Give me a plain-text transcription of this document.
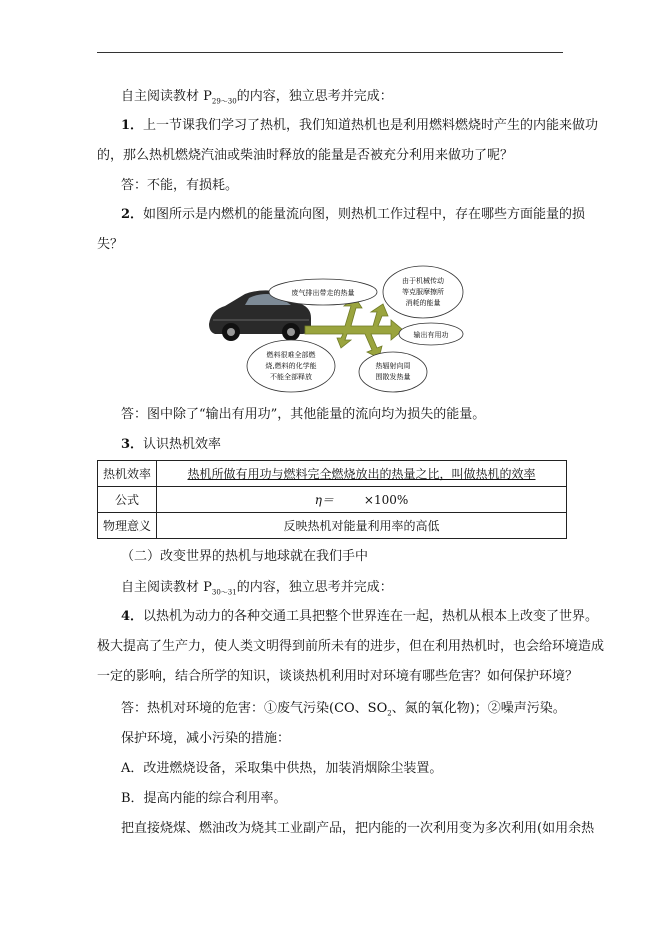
自主阅读教材 $P_{29\sim 30}$的内容，独立思考并完成：
1．上一节课我们学习了热机，我们知道热机也是利用燃料燃烧时产生的内能来做功
的，那么热机燃烧汽油或柴油时释放的能量是否被充分利用来做功了呢？
答：不能，有损耗。
2．如图所示是内燃机的能量流向图，则热机工作过程中，存在哪些方面能量的损
失？
废气排出带走的热量
由于机械传动
等克服摩擦所
消耗的能量
输出有用功
燃料很难全部燃
烧,燃料的化学能
不能全部释放
热辐射向周
围散发热量
答：图中除了“输出有用功”，其他能量的流向均为损失的能量。
3．认识热机效率
热机效率	热机所做有用功与燃料完全燃烧放出的热量之比，叫做热机的效率
公式	η＝ ×100%
物理意义	反映热机对能量利用率的高低
（二）改变世界的热机与地球就在我们手中
自主阅读教材 $P_{30\sim 31}$的内容，独立思考并完成：
4．以热机为动力的各种交通工具把整个世界连在一起，热机从根本上改变了世界。
极大提高了生产力，使人类文明得到前所未有的进步，但在利用热机时，也会给环境造成
一定的影响，结合所学的知识，谈谈热机利用时对环境有哪些危害？如何保护环境？
答：热机对环境的危害：①废气污染(CO、$SO_2$、氮的氧化物)；②噪声污染。
保护环境，减小污染的措施：
A．改进燃烧设备，采取集中供热，加装消烟除尘装置。
B．提高内能的综合利用率。
把直接烧煤、燃油改为烧其工业副产品，把内能的一次利用变为多次利用(如用余热
